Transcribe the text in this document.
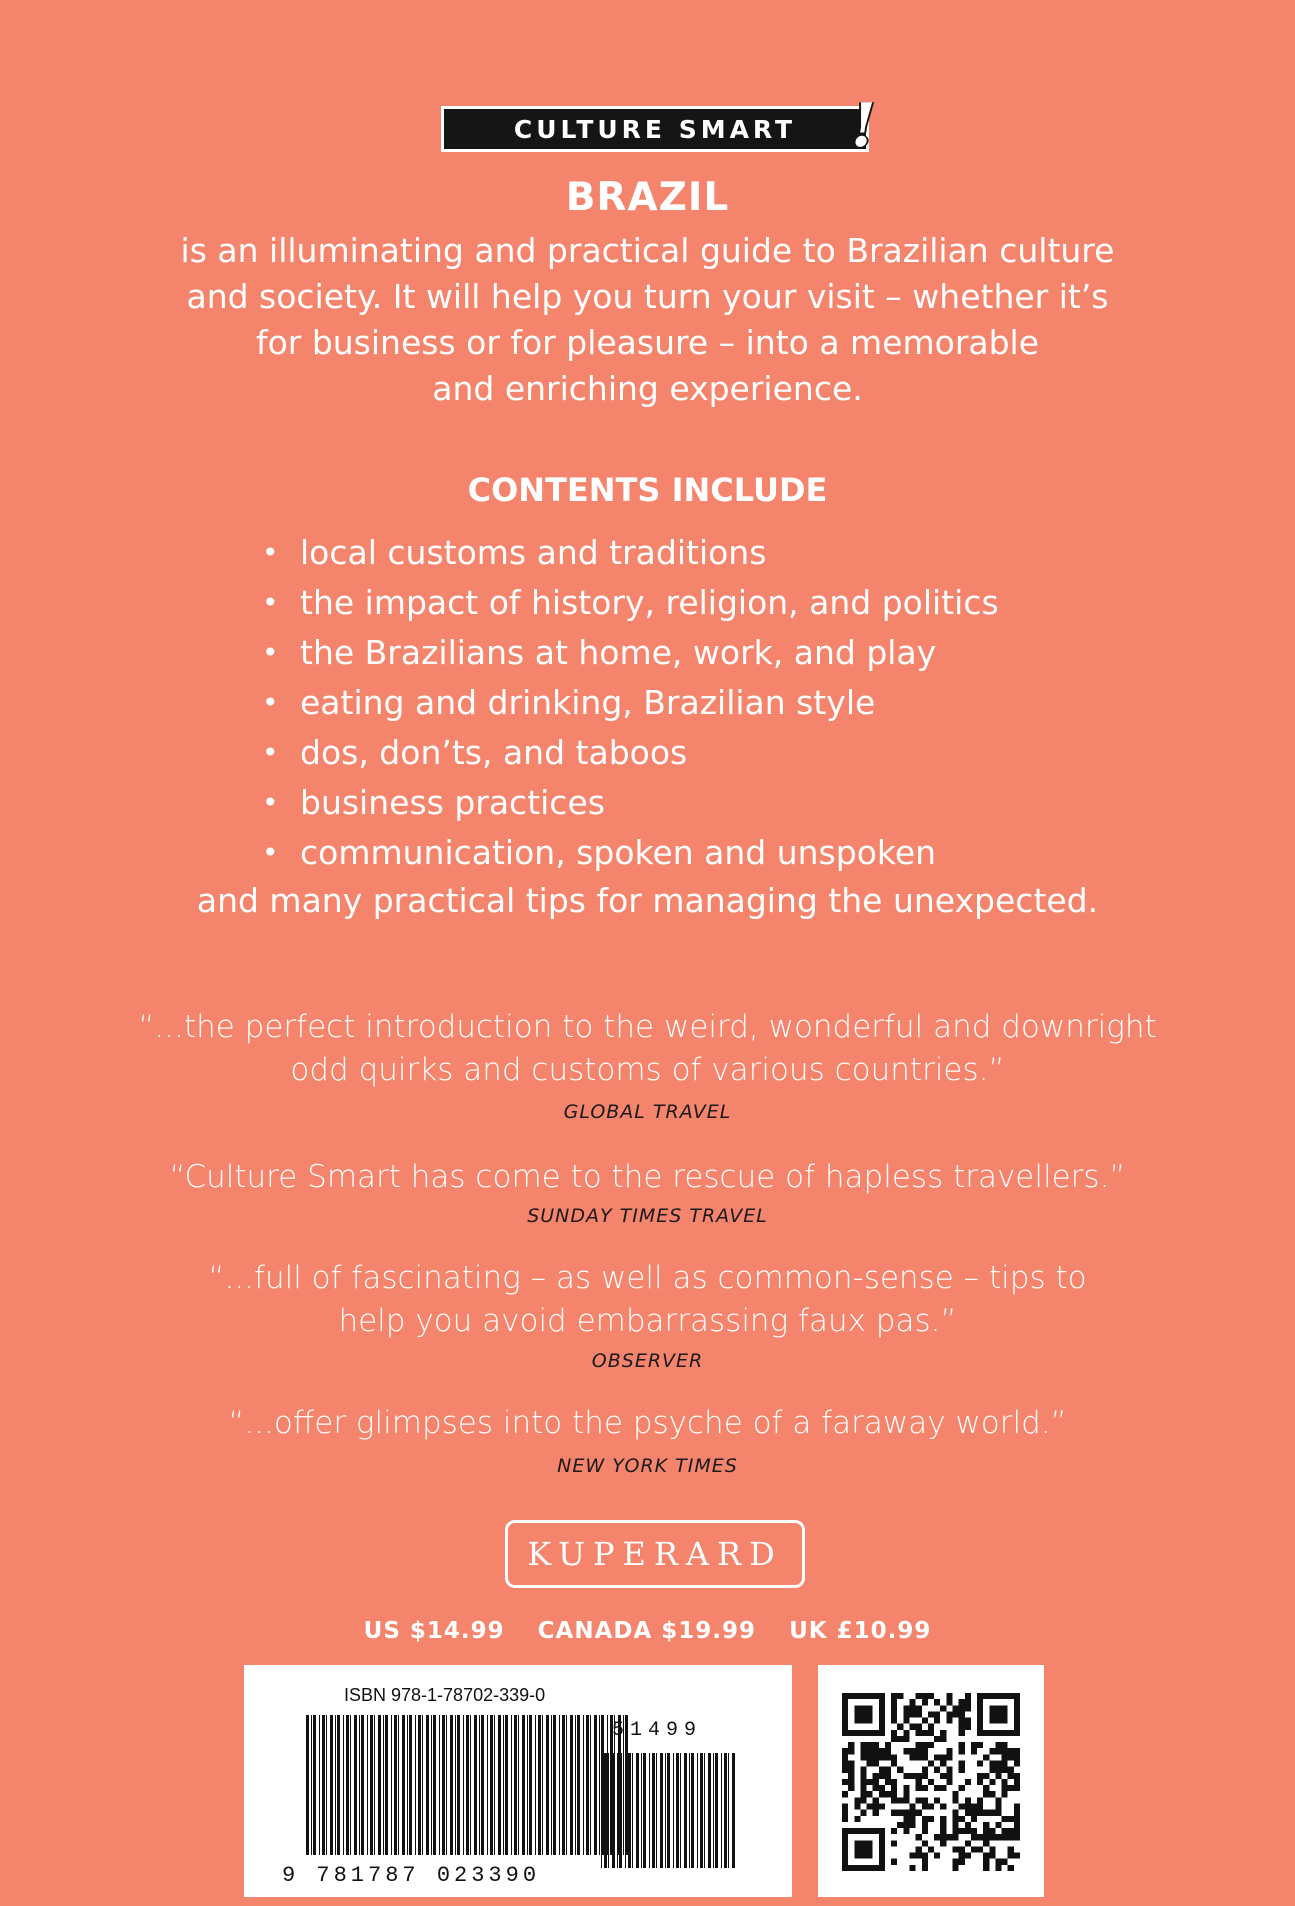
CULTURE SMART !
BRAZIL
is an illuminating and practical guide to Brazilian culture
and society. It will help you turn your visit – whether it’s
for business or for pleasure – into a memorable
and enriching experience.
CONTENTS INCLUDE
• local customs and traditions
• the impact of history, religion, and politics
• the Brazilians at home, work, and play
• eating and drinking, Brazilian style
• dos, don’ts, and taboos
• business practices
• communication, spoken and unspoken
and many practical tips for managing the unexpected.
“...the perfect introduction to the weird, wonderful and downright
odd quirks and customs of various countries.”
GLOBAL TRAVEL
“Culture Smart has come to the rescue of hapless travellers.”
SUNDAY TIMES TRAVEL
“...full of fascinating – as well as common-sense – tips to
help you avoid embarrassing faux pas.”
OBSERVER
“...offer glimpses into the psyche of a faraway world.”
NEW YORK TIMES
KUPERARD
US $14.99 CANADA $19.99 UK £10.99
ISBN 978-1-78702-339-0
51499
9 781787 023390
